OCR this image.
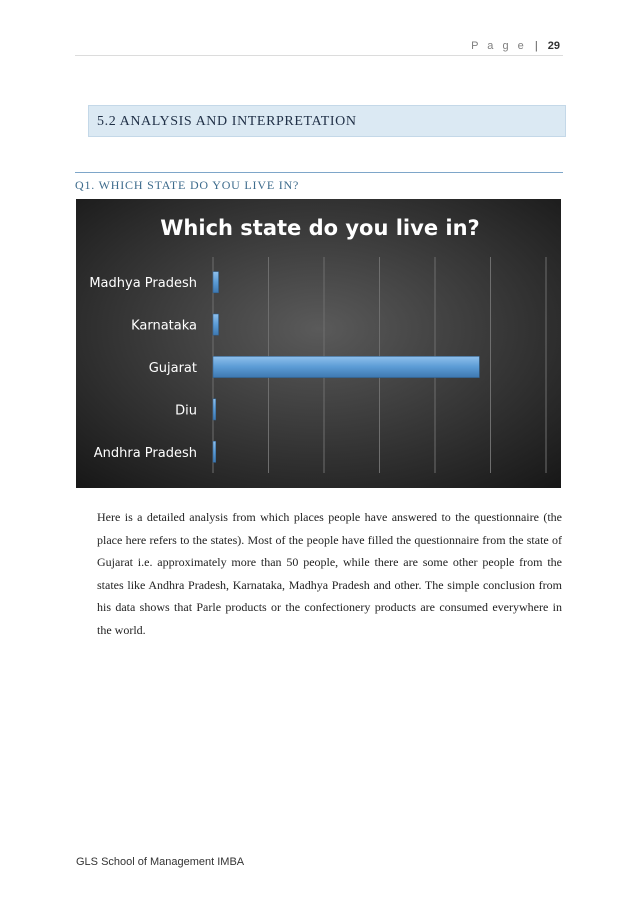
P a g e | 29
5.2 ANALYSIS AND INTERPRETATION
Q1. WHICH STATE DO YOU LIVE IN?
Madhya Pradesh
Karnataka
Gujarat
Diu
Andhra Pradesh
Which state do you live in?
Here is a detailed analysis from which places people have answered to the questionnaire (the place here refers to the states). Most of the people have filled the questionnaire from the state of Gujarat i.e. approximately more than 50 people, while there are some other people from the states like Andhra Pradesh, Karnataka, Madhya Pradesh and other. The simple conclusion from his data shows that Parle products or the confectionery products are consumed everywhere in the world.
GLS School of Management IMBA
